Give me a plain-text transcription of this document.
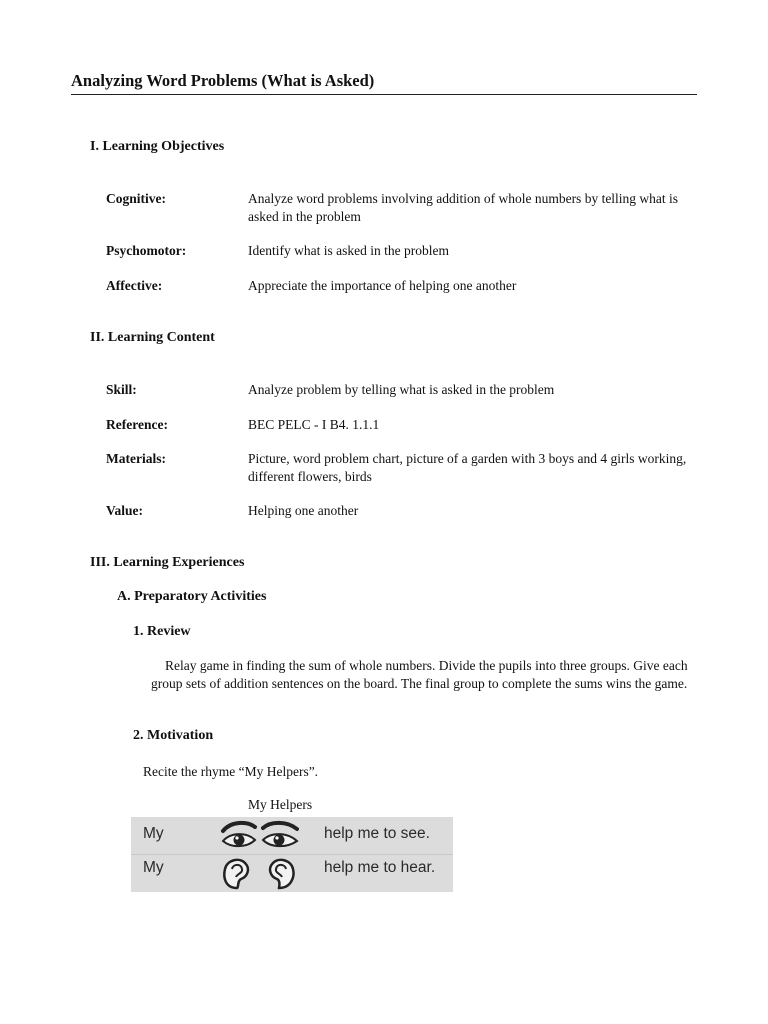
Analyzing Word Problems (What is Asked)
I. Learning Objectives
Cognitive:	Analyze word problems involving addition of whole numbers by telling what is asked in the problem
Psychomotor:	Identify what is asked in the problem
Affective:	Appreciate the importance of helping one another
II. Learning Content
Skill:	Analyze problem by telling what is asked in the problem
Reference:	BEC PELC - I B4. 1.1.1
Materials:	Picture, word problem chart, picture of a garden with 3 boys and 4 girls working, different flowers, birds
Value:	Helping one another
III. Learning Experiences
A. Preparatory Activities
1. Review
Relay game in finding the sum of whole numbers. Divide the pupils into three groups. Give each group sets of addition sentences on the board. The final group to complete the sums wins the game.
2. Motivation
Recite the rhyme “My Helpers”.
My Helpers
My	help me to see.
My	help me to hear.
